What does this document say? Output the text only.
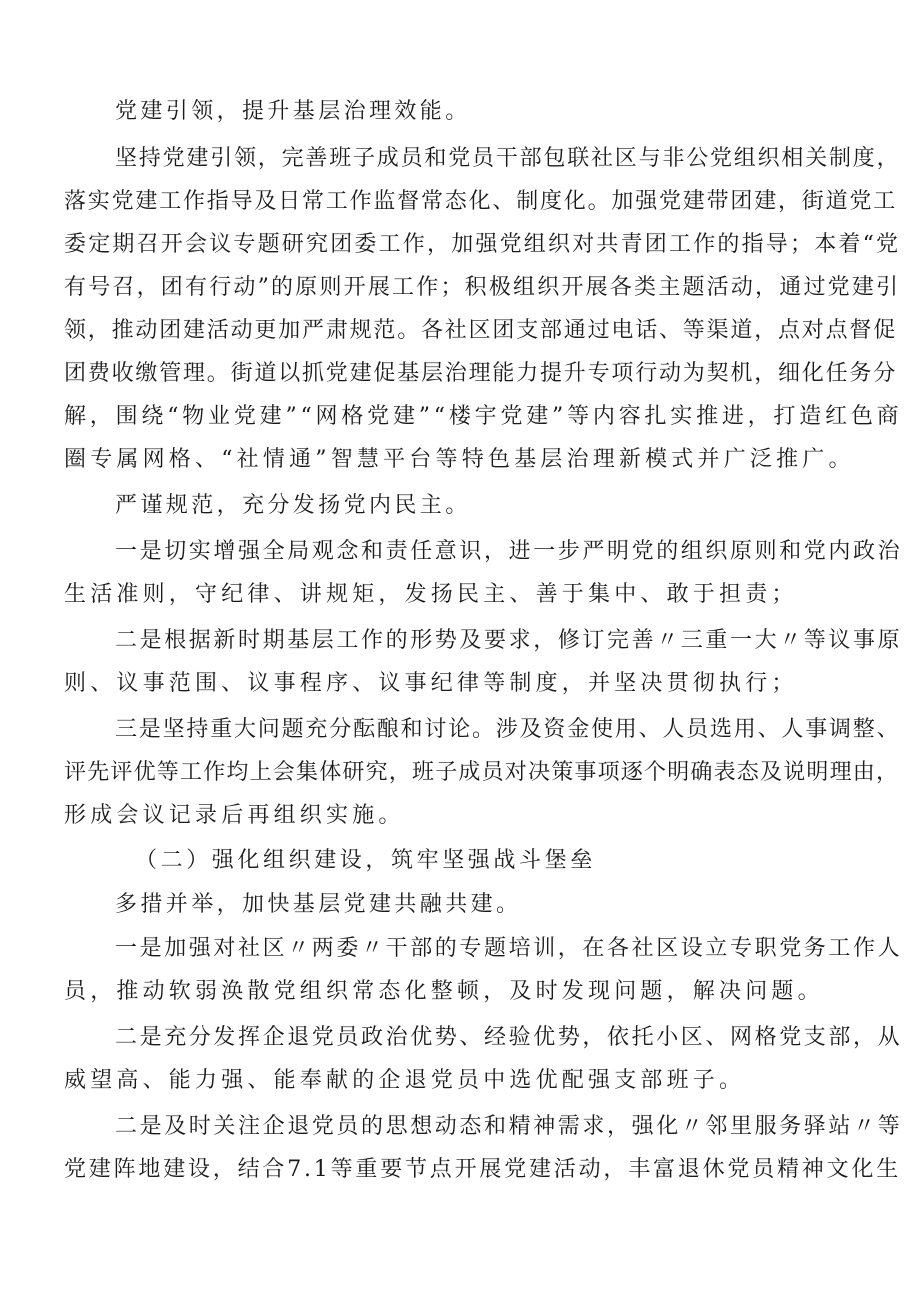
党建引领，提升基层治理效能。

坚持党建引领，完善班子成员和党员干部包联社区与非公党组织相关制度，

落实党建工作指导及日常工作监督常态化、制度化。加强党建带团建，街道党工

委定期召开会议专题研究团委工作，加强党组织对共青团工作的指导；本着“党

有号召，团有行动”的原则开展工作；积极组织开展各类主题活动，通过党建引

领，推动团建活动更加严肃规范。各社区团支部通过电话、等渠道，点对点督促

团费收缴管理。街道以抓党建促基层治理能力提升专项行动为契机，细化任务分

解，围绕“物业党建”“网格党建”“楼宇党建”等内容扎实推进，打造红色商

圈专属网格、“社情通”智慧平台等特色基层治理新模式并广泛推广。

严谨规范，充分发扬党内民主。

一是切实增强全局观念和责任意识，进一步严明党的组织原则和党内政治

生活准则，守纪律、讲规矩，发扬民主、善于集中、敢于担责；

二是根据新时期基层工作的形势及要求，修订完善〃三重一大〃等议事原

则、议事范围、议事程序、议事纪律等制度，并坚决贯彻执行；

三是坚持重大问题充分酝酿和讨论。涉及资金使用、人员选用、人事调整、

评先评优等工作均上会集体研究，班子成员对决策事项逐个明确表态及说明理由，

形成会议记录后再组织实施。

（二）强化组织建设，筑牢坚强战斗堡垒

多措并举，加快基层党建共融共建。

一是加强对社区〃两委〃干部的专题培训，在各社区设立专职党务工作人

员，推动软弱涣散党组织常态化整顿，及时发现问题，解决问题。

二是充分发挥企退党员政治优势、经验优势，依托小区、网格党支部，从

威望高、能力强、能奉献的企退党员中选优配强支部班子。

二是及时关注企退党员的思想动态和精神需求，强化〃邻里服务驿站〃等

党建阵地建设，结合7.1等重要节点开展党建活动，丰富退休党员精神文化生
